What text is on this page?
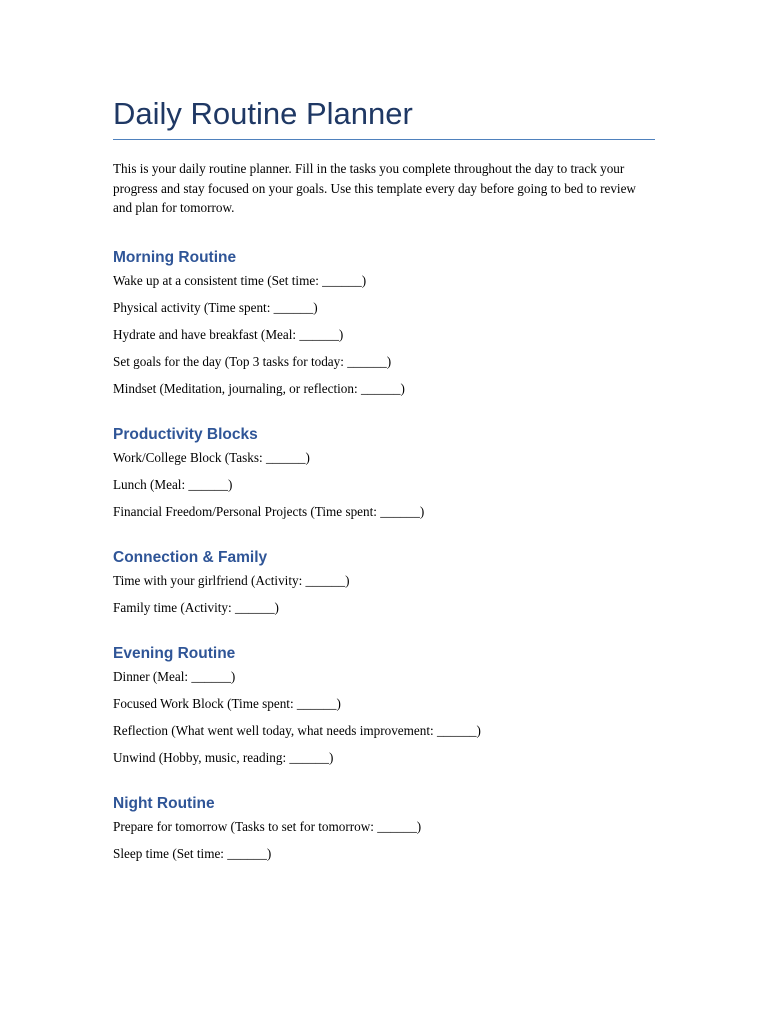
Daily Routine Planner

This is your daily routine planner. Fill in the tasks you complete throughout the day to track your progress and stay focused on your goals. Use this template every day before going to bed to review and plan for tomorrow.

Morning Routine

Wake up at a consistent time (Set time: ______)

Physical activity (Time spent: ______)

Hydrate and have breakfast (Meal: ______)

Set goals for the day (Top 3 tasks for today: ______)

Mindset (Meditation, journaling, or reflection: ______)

Productivity Blocks

Work/College Block (Tasks: ______)

Lunch (Meal: ______)

Financial Freedom/Personal Projects (Time spent: ______)

Connection & Family

Time with your girlfriend (Activity: ______)

Family time (Activity: ______)

Evening Routine

Dinner (Meal: ______)

Focused Work Block (Time spent: ______)

Reflection (What went well today, what needs improvement: ______)

Unwind (Hobby, music, reading: ______)

Night Routine

Prepare for tomorrow (Tasks to set for tomorrow: ______)

Sleep time (Set time: ______)
